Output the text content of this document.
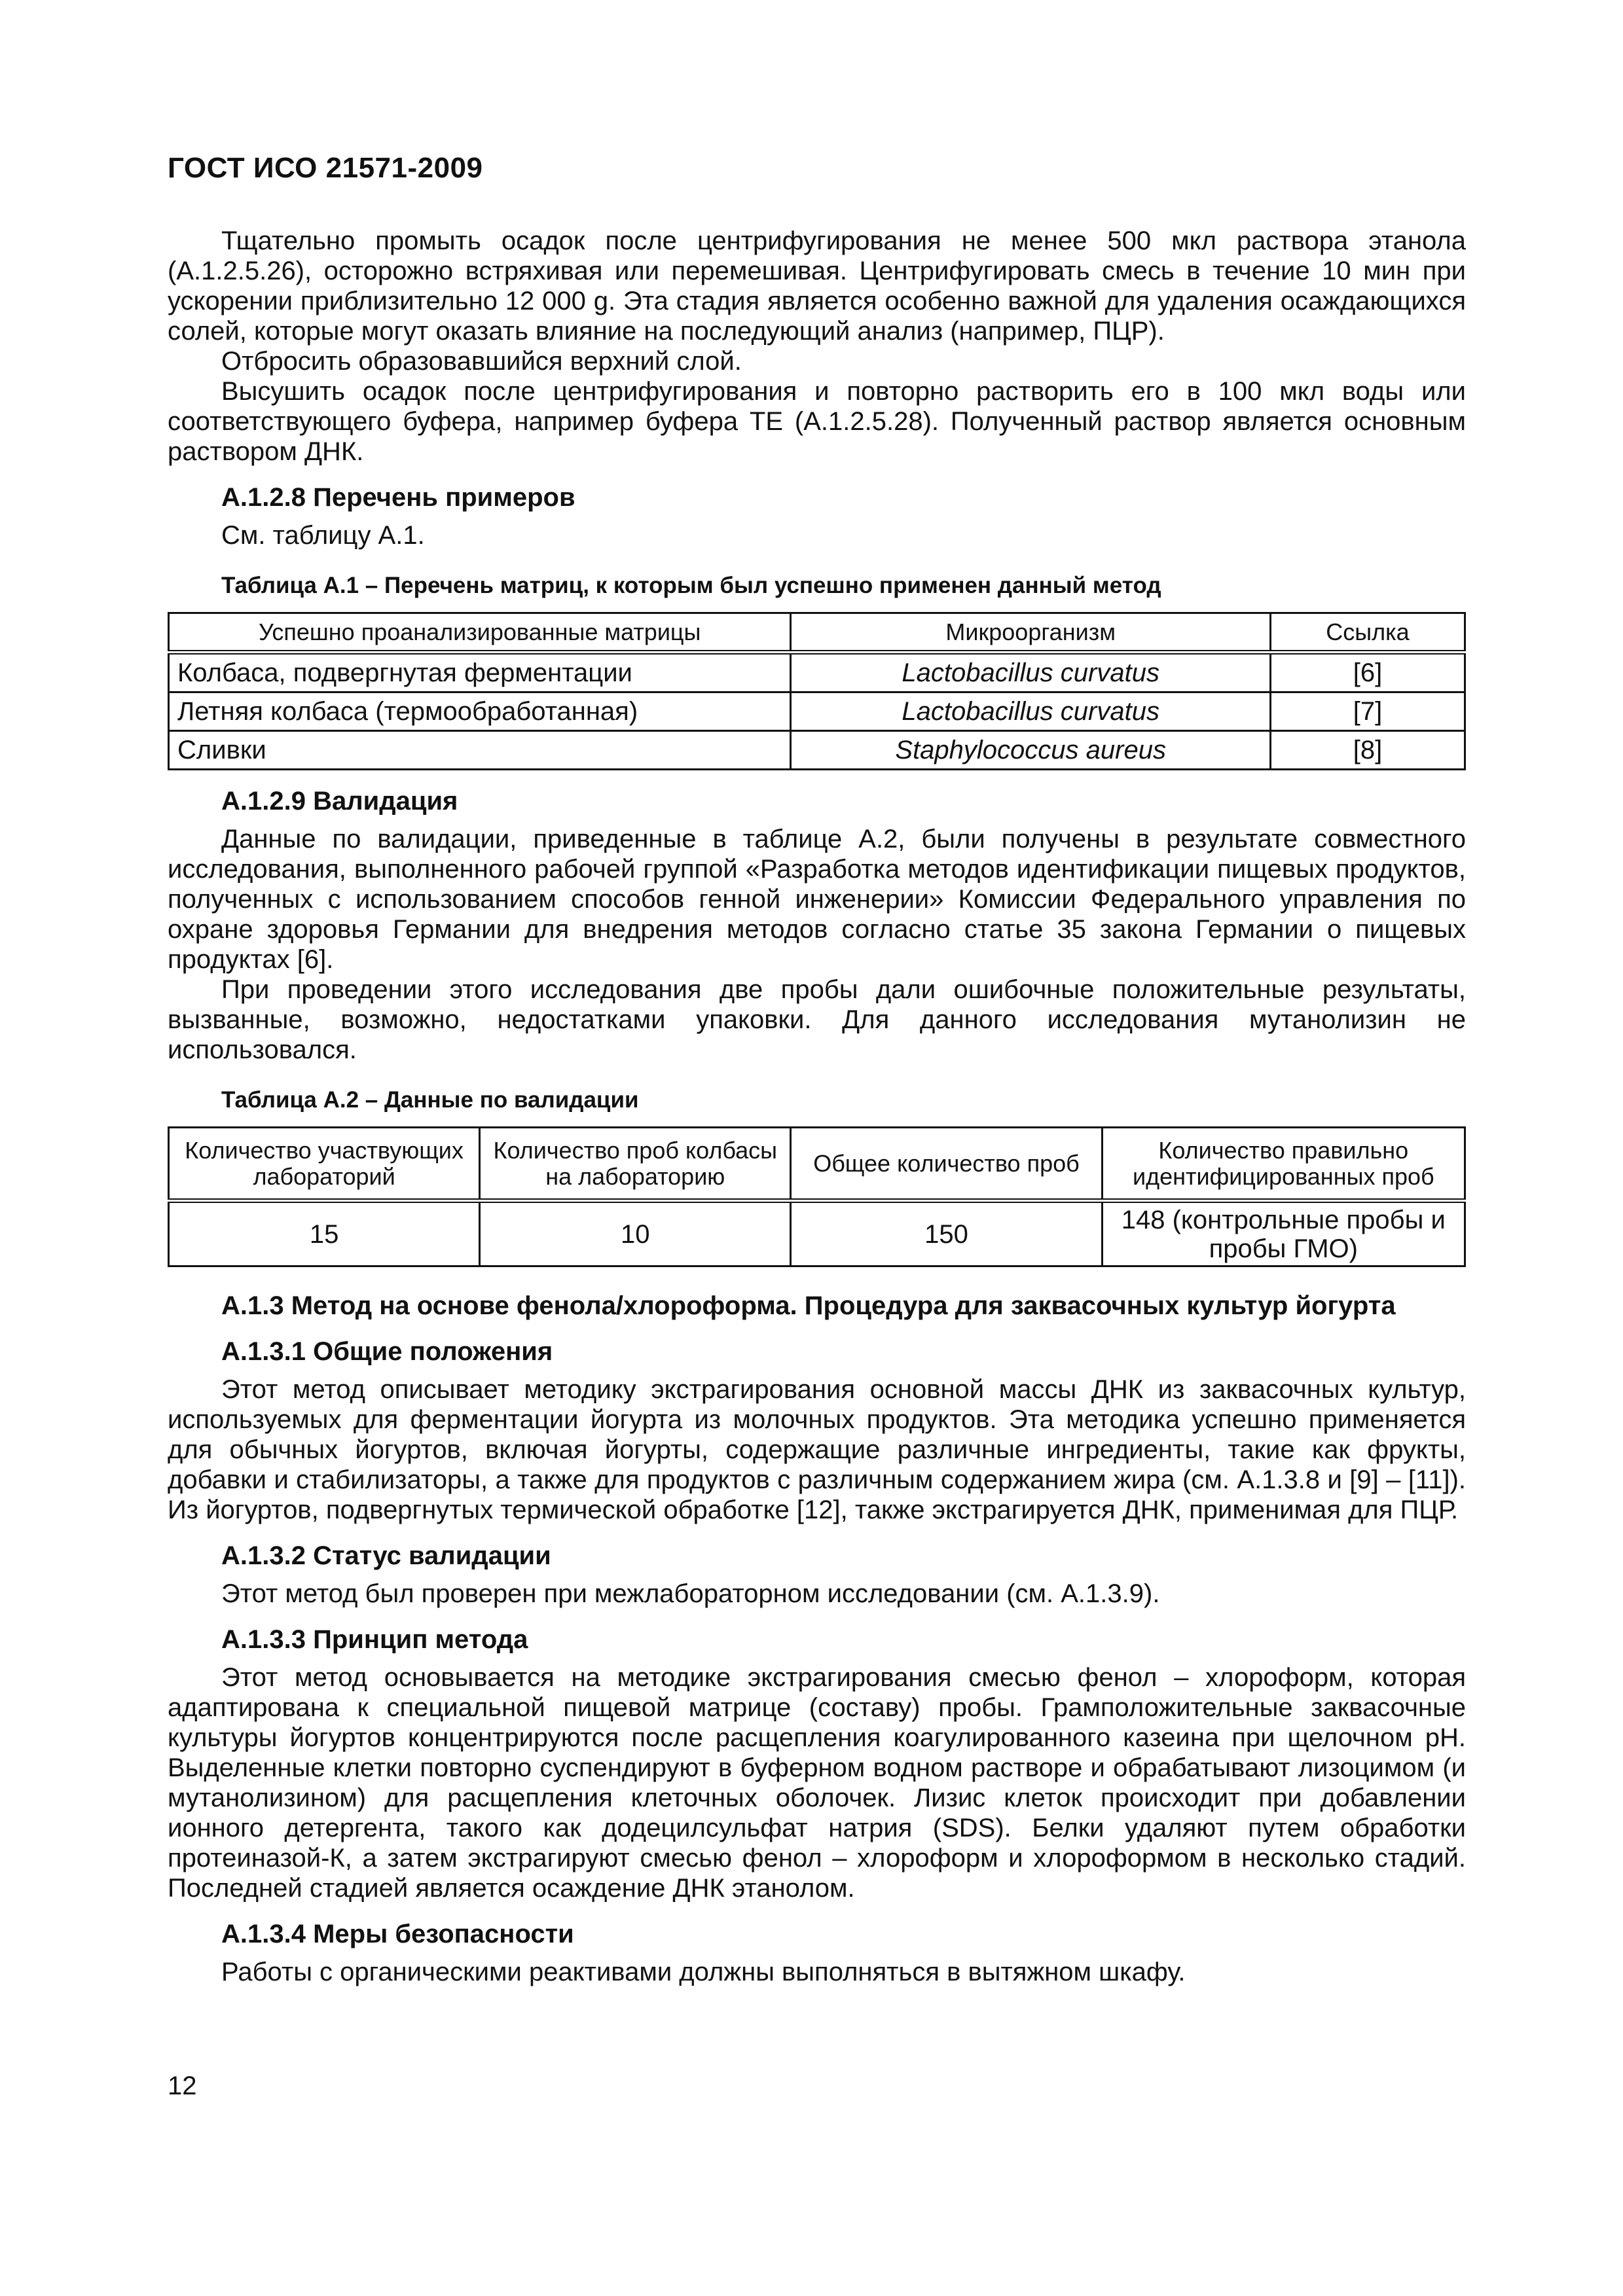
ГОСТ ИСО 21571-2009

Тщательно промыть осадок после центрифугирования не менее 500 мкл раствора этанола (А.1.2.5.26), осторожно встряхивая или перемешивая. Центрифугировать смесь в течение 10 мин при ускорении приблизительно 12 000 g. Эта стадия является особенно важной для удаления осаждающихся солей, которые могут оказать влияние на последующий анализ (например, ПЦР).

Отбросить образовавшийся верхний слой.

Высушить осадок после центрифугирования и повторно растворить его в 100 мкл воды или соответствующего буфера, например буфера ТЕ (А.1.2.5.28). Полученный раствор является основным раствором ДНК.

А.1.2.8 Перечень примеров

См. таблицу А.1.

Таблица А.1 – Перечень матриц, к которым был успешно применен данный метод
Успешно проанализированные матрицы	Микроорганизм	Ссылка
Колбаса, подвергнутая ферментации	Lactobacillus curvatus	[6]
Летняя колбаса (термообработанная)	Lactobacillus curvatus	[7]
Сливки	Staphylococcus aureus	[8]
А.1.2.9 Валидация

Данные по валидации, приведенные в таблице А.2, были получены в результате совместного исследования, выполненного рабочей группой «Разработка методов идентификации пищевых продуктов, полученных с использованием способов генной инженерии» Комиссии Федерального управления по охране здоровья Германии для внедрения методов согласно статье 35 закона Германии о пищевых продуктах [6].

При проведении этого исследования две пробы дали ошибочные положительные результаты, вызванные, возможно, недостатками упаковки. Для данного исследования мутанолизин не использовался.

Таблица А.2 – Данные по валидации
Количество участвующих лабораторий	Количество проб колбасы на лабораторию	Общее количество проб	Количество правильно идентифицированных проб
15	10	150	148 (контрольные пробы и пробы ГМО)
А.1.3 Метод на основе фенола/хлороформа. Процедура для заквасочных культур йогурта
А.1.3.1 Общие положения

Этот метод описывает методику экстрагирования основной массы ДНК из заквасочных культур, используемых для ферментации йогурта из молочных продуктов. Эта методика успешно применяется для обычных йогуртов, включая йогурты, содержащие различные ингредиенты, такие как фрукты, добавки и стабилизаторы, а также для продуктов с различным содержанием жира (см. А.1.3.8 и [9] – [11]). Из йогуртов, подвергнутых термической обработке [12], также экстрагируется ДНК, применимая для ПЦР.

А.1.3.2 Статус валидации

Этот метод был проверен при межлабораторном исследовании (см. А.1.3.9).

А.1.3.3 Принцип метода

Этот метод основывается на методике экстрагирования смесью фенол – хлороформ, которая адаптирована к специальной пищевой матрице (составу) пробы. Грамположительные заквасочные культуры йогуртов концентрируются после расщепления коагулированного казеина при щелочном pH. Выделенные клетки повторно суспендируют в буферном водном растворе и обрабатывают лизоцимом (и мутанолизином) для расщепления клеточных оболочек. Лизис клеток происходит при добавлении ионного детергента, такого как додецилсульфат натрия (SDS). Белки удаляют путем обработки протеиназой-К, а затем экстрагируют смесью фенол – хлороформ и хлороформом в несколько стадий. Последней стадией является осаждение ДНК этанолом.

А.1.3.4 Меры безопасности

Работы с органическими реактивами должны выполняться в вытяжном шкафу.

12
